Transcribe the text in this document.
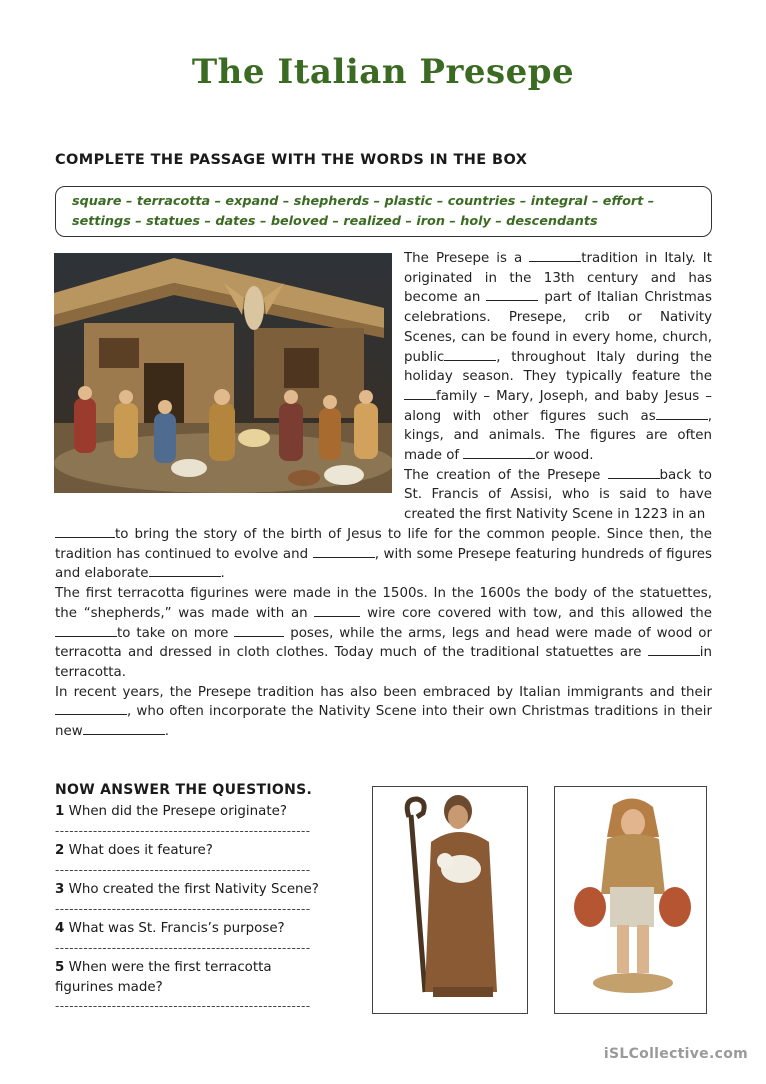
The Italian Presepe
COMPLETE THE PASSAGE WITH THE WORDS IN THE BOX
square – terracotta – expand – shepherds – plastic – countries – integral – effort –
settings – statues – dates – beloved – realized – iron – holy – descendants

The Presepe is a	tradition in Italy. It originated in the 13th century and has become an	part of Italian Christmas celebrations. Presepe, crib or Nativity Scenes, can be found in every home, church, public	, throughout Italy during the holiday season. They typically feature the family – Mary, Joseph, and baby Jesus – along with other figures such as	, kings, and animals. The figures are often made of	or wood.

The creation of the Presepe	back to St. Francis of Assisi, who is said to have created the first Nativity Scene in 1223 in an

to bring the story of the birth of Jesus to life for the common people. Since then, the tradition has continued to evolve and	, with some Presepe featuring hundreds of figures and elaborate	.

The first terracotta figurines were made in the 1500s. In the 1600s the body of the statuettes, the “shepherds,” was made with an	wire core covered with tow, and this allowed the to take on more	poses, while the arms, legs and head were made of wood or terracotta and dressed in cloth clothes. Today much of the traditional statuettes are	in terracotta.

In recent years, the Presepe tradition has also been embraced by Italian immigrants and their , who often incorporate the Nativity Scene into their own Christmas traditions in their new	.

NOW ANSWER THE QUESTIONS.
1 When did the Presepe originate?
------------------------------------------------------
2 What does it feature?
------------------------------------------------------
3 Who created the first Nativity Scene?
------------------------------------------------------
4 What was St. Francis’s purpose?
------------------------------------------------------
5 When were the first terracotta figurines made?
------------------------------------------------------
iSLCollective.com
